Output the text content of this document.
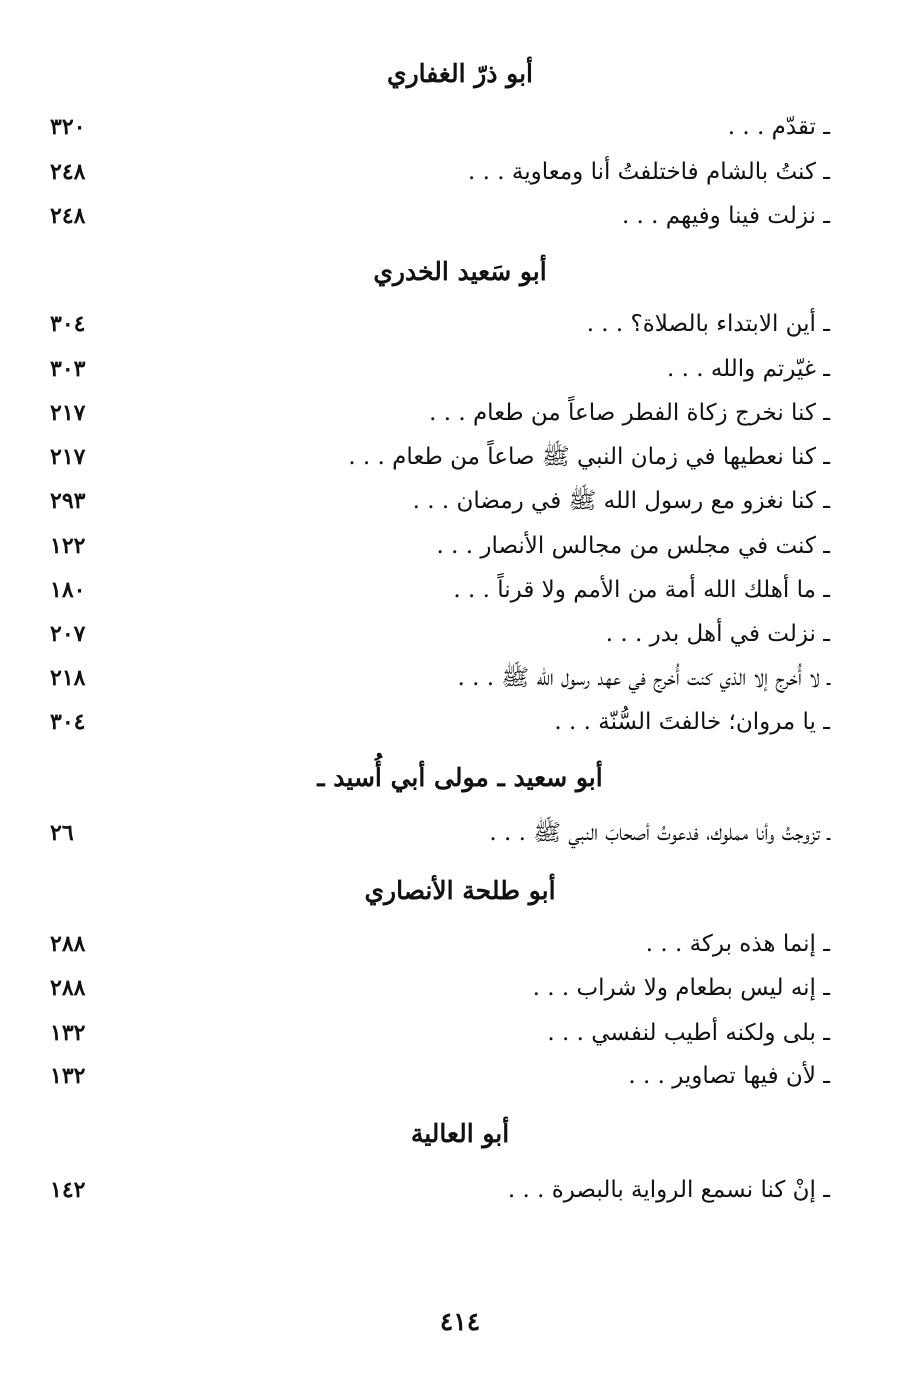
أبو ذرّ الغفاري
ـ تقدّم . . .
٣٢٠
ـ كنتُ بالشام فاختلفتُ أنا ومعاوية . . .
٢٤٨
ـ نزلت فينا وفيهم . . .
٢٤٨
أبو سَعيد الخدري
ـ أين الابتداء بالصلاة؟ . . .
٣٠٤
ـ غيّرتم والله . . .
٣٠٣
ـ كنا نخرج زكاة الفطر صاعاً من طعام . . .
٢١٧
ـ كنا نعطيها في زمان النبي ﷺ صاعاً من طعام . . .
٢١٧
ـ كنا نغزو مع رسول الله ﷺ في رمضان . . .
٢٩٣
ـ كنت في مجلس من مجالس الأنصار . . .
١٢٢
ـ ما أهلك الله أمة من الأمم ولا قرناً . . .
١٨٠
ـ نزلت في أهل بدر . . .
٢٠٧
ـ لا أُخرج إلا الذي كنت أُخرج في عهد رسول الله ﷺ . . .
٢١٨
ـ يا مروان؛ خالفتَ السُّنّة . . .
٣٠٤
أبو سعيد ـ مولى أبي أُسيد ـ
ـ تزوجتُ وأنا مملوك، فدعوتُ أصحابَ النبي ﷺ . . .
٢٦
أبو طلحة الأنصاري
ـ إنما هذه بركة . . .
٢٨٨
ـ إنه ليس بطعام ولا شراب . . .
٢٨٨
ـ بلى ولكنه أطيب لنفسي . . .
١٣٢
ـ لأن فيها تصاوير . . .
١٣٢
أبو العالية
ـ إنْ كنا نسمع الرواية بالبصرة . . .
١٤٢
٤١٤
